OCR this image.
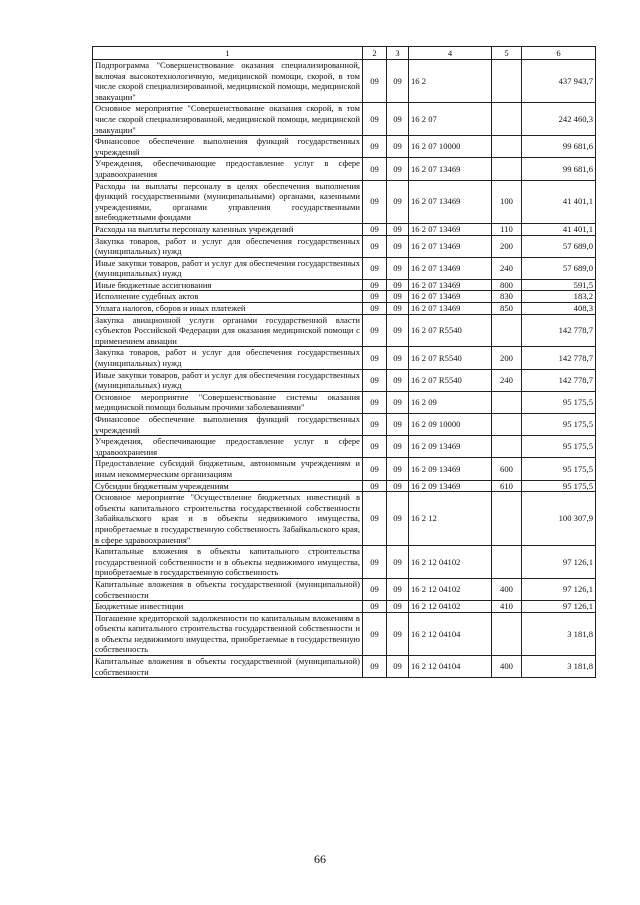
1	2	3	4	5	6
Подпрограмма "Совершенствование оказания специализированной, включая высокотехнологичную, медицинской помощи, скорой, в том числе скорой специализированной, медицинской помощи, медицинской эвакуации"	09	09	16 2		437 943,7
Основное мероприятие "Совершенствование оказания скорой, в том числе скорой специализированной, медицинской помощи, медицинской эвакуации"	09	09	16 2 07		242 460,3
Финансовое обеспечение выполнения функций государственных учреждений	09	09	16 2 07 10000		99 681,6
Учреждения, обеспечивающие предоставление услуг в сфере здравоохранения	09	09	16 2 07 13469		99 681,6
Расходы на выплаты персоналу в целях обеспечения выполнения функций государственными (муниципальными) органами, казенными учреждениями, органами управления государственными внебюджетными фондами	09	09	16 2 07 13469	100	41 401,1
Расходы на выплаты персоналу казенных учреждений	09	09	16 2 07 13469	110	41 401,1
Закупка товаров, работ и услуг для обеспечения государственных (муниципальных) нужд	09	09	16 2 07 13469	200	57 689,0
Иные закупки товаров, работ и услуг для обеспечения государственных (муниципальных) нужд	09	09	16 2 07 13469	240	57 689,0
Иные бюджетные ассигнования	09	09	16 2 07 13469	800	591,5
Исполнение судебных актов	09	09	16 2 07 13469	830	183,2
Уплата налогов, сборов и иных платежей	09	09	16 2 07 13469	850	408,3
Закупка авиационной услуги органами государственной власти субъектов Российской Федерации для оказания медицинской помощи с применением авиации	09	09	16 2 07 R5540		142 778,7
Закупка товаров, работ и услуг для обеспечения государственных (муниципальных) нужд	09	09	16 2 07 R5540	200	142 778,7
Иные закупки товаров, работ и услуг для обеспечения государственных (муниципальных) нужд	09	09	16 2 07 R5540	240	142 778,7
Основное мероприятие "Совершенствование системы оказания медицинской помощи больным прочими заболеваниями"	09	09	16 2 09		95 175,5
Финансовое обеспечение выполнения функций государственных учреждений	09	09	16 2 09 10000		95 175,5
Учреждения, обеспечивающие предоставление услуг в сфере здравоохранения	09	09	16 2 09 13469		95 175,5
Предоставление субсидий бюджетным, автономным учреждениям и иным некоммерческим организациям	09	09	16 2 09 13469	600	95 175,5
Субсидии бюджетным учреждениям	09	09	16 2 09 13469	610	95 175,5
Основное мероприятие "Осуществление бюджетных инвестиций в объекты капитального строительства государственной собственности Забайкальского края и в объекты недвижимого имущества, приобретаемые в государственную собственность Забайкальского края, в сфере здравоохранения"	09	09	16 2 12		100 307,9
Капитальные вложения в объекты капитального строительства государственной собственности и в объекты недвижимого имущества, приобретаемые в государственную собственность	09	09	16 2 12 04102		97 126,1
Капитальные вложения в объекты государственной (муниципальной) собственности	09	09	16 2 12 04102	400	97 126,1
Бюджетные инвестиции	09	09	16 2 12 04102	410	97 126,1
Погашение кредиторской задолженности по капитальным вложениям в объекты капитального строительства государственной собственности и в объекты недвижимого имущества, приобретаемые в государственную собственность	09	09	16 2 12 04104		3 181,8
Капитальные вложения в объекты государственной (муниципальной) собственности	09	09	16 2 12 04104	400	3 181,8
66
